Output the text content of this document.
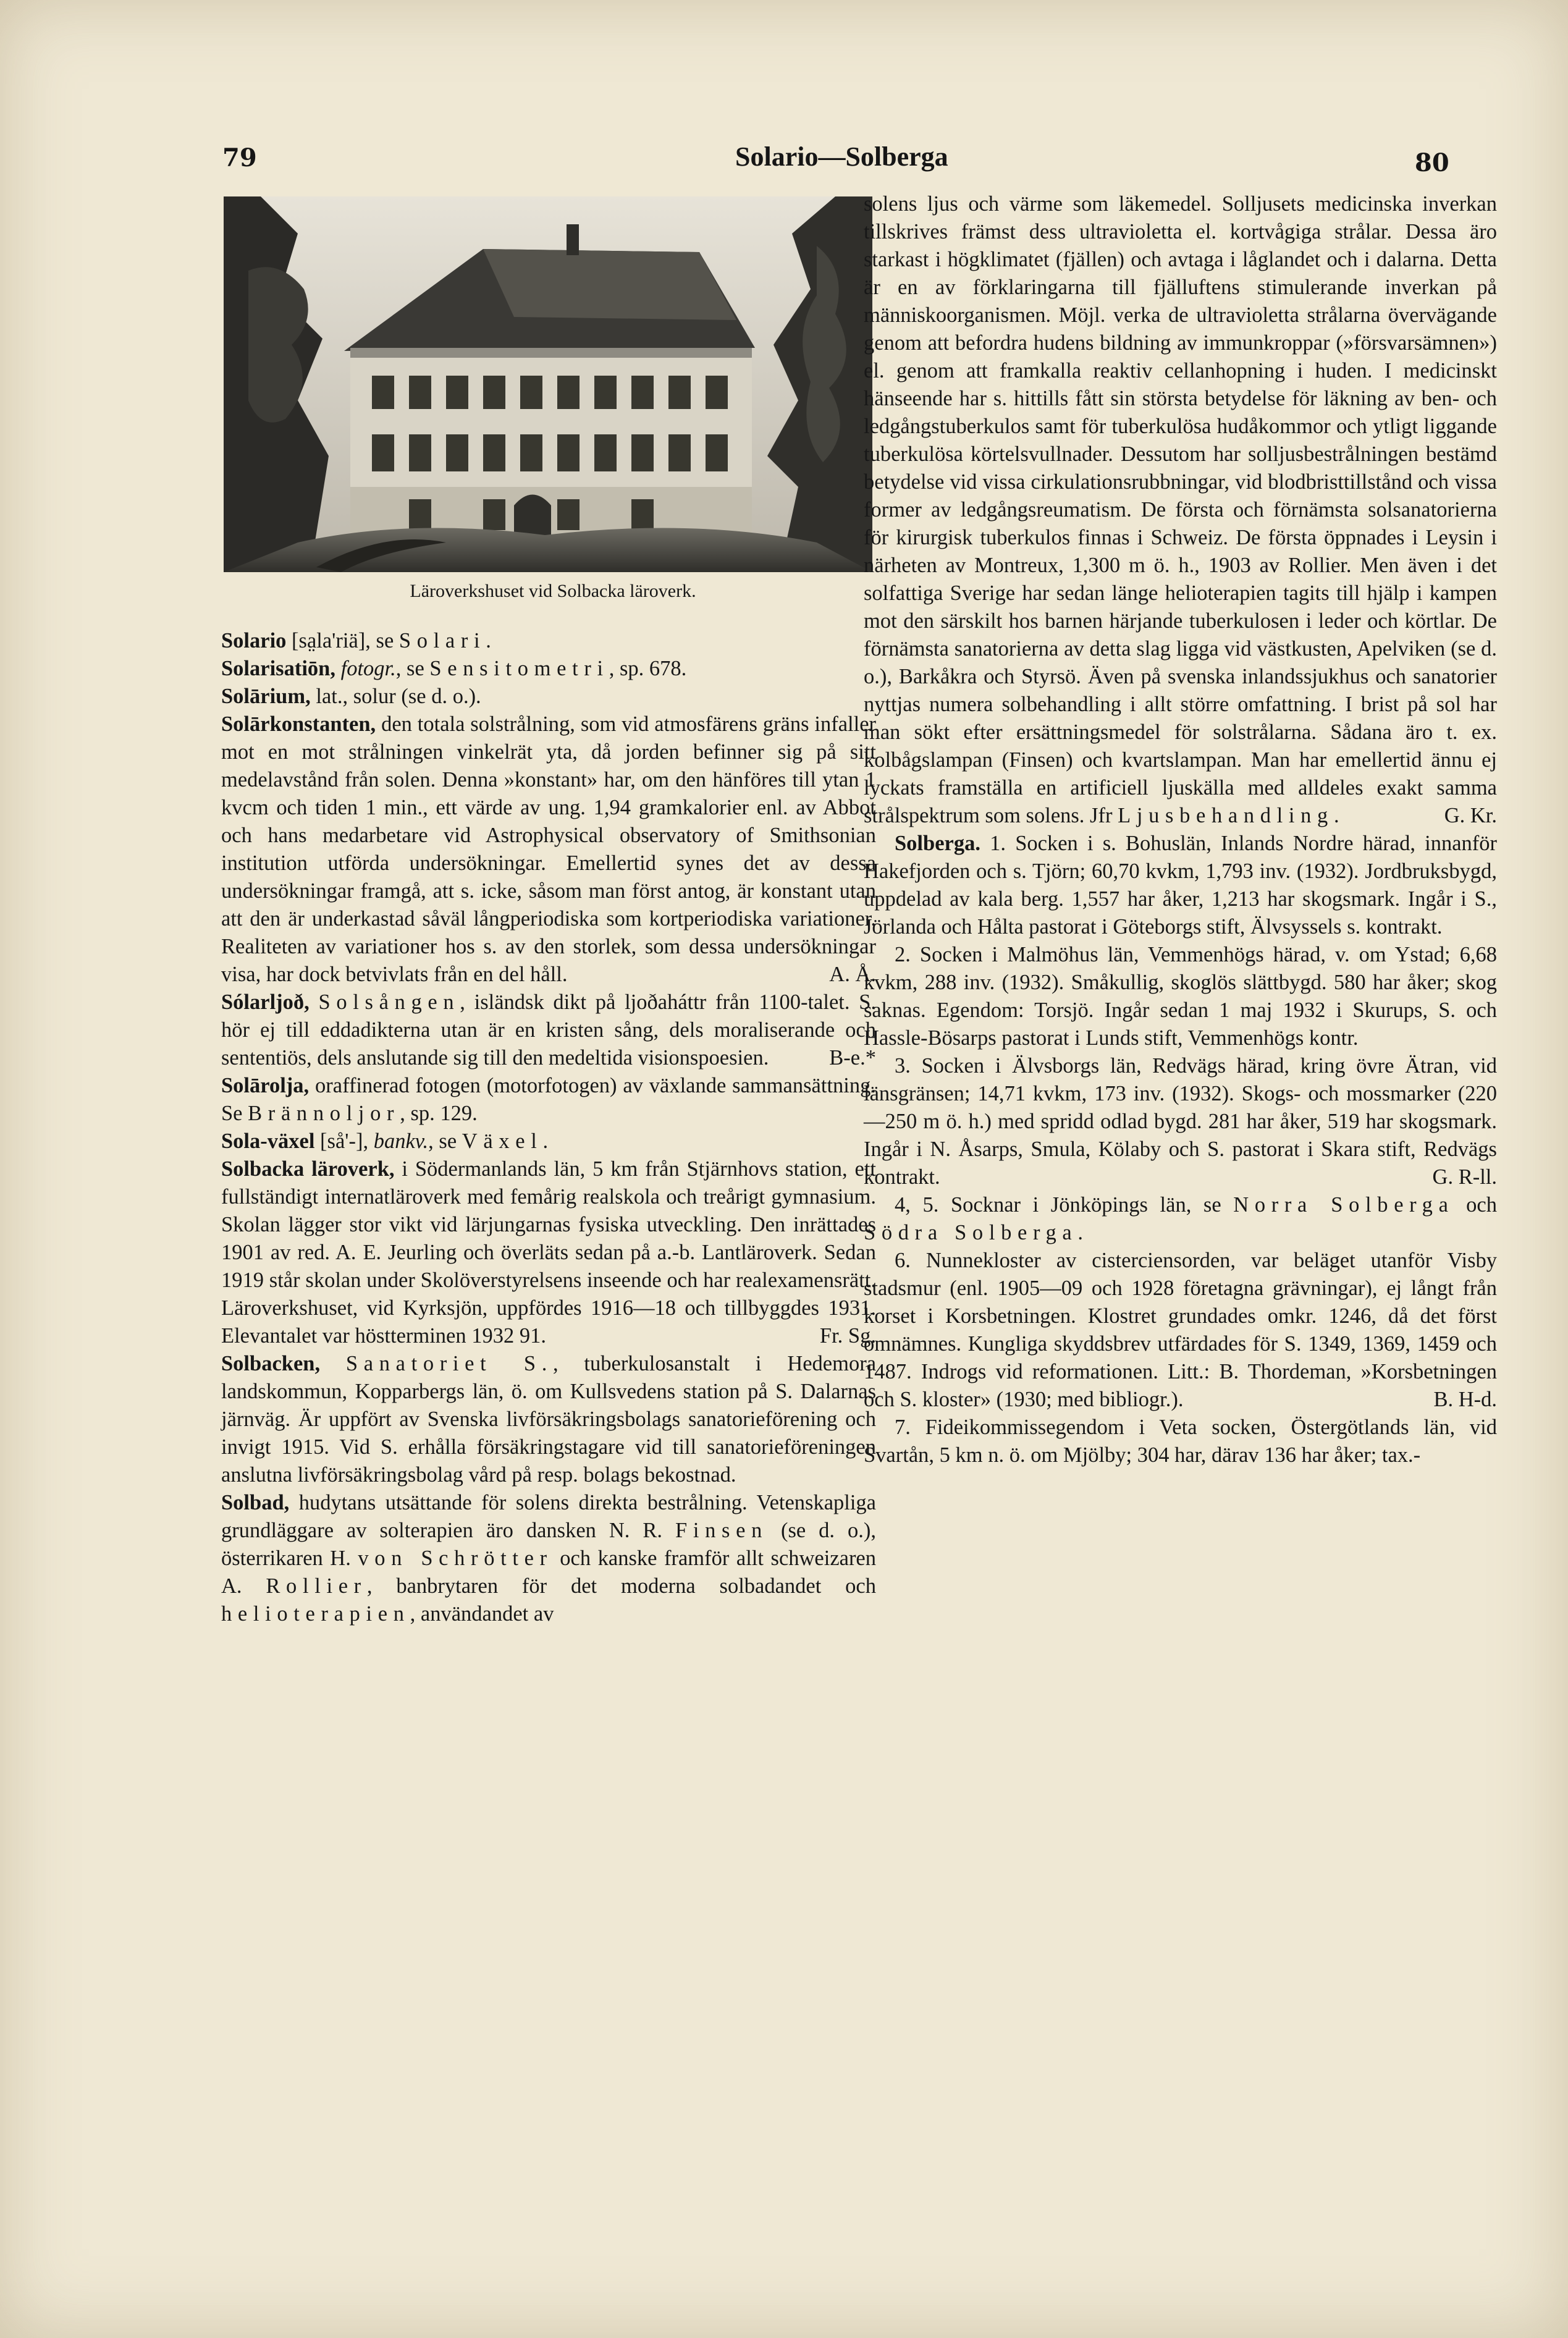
79	Solario—Solberga	80
Läroverkshuset vid Solbacka läroverk.

Solario [sa̤la'riä], se Solari.

Solarisatiōn, fotogr., se Sensitometri, sp. 678.

Solārium, lat., solur (se d. o.).

Solārkonstanten, den totala solstrålning, som vid atmosfärens gräns infaller mot en mot strålningen vinkelrät yta, då jorden befinner sig på sitt medelavstånd från solen. Denna »konstant» har, om den hänföres till ytan 1 kvcm och tiden 1 min., ett värde av ung. 1,94 gramkalorier enl. av Abbot och hans medarbetare vid Astrophysical observatory of Smithsonian institution utförda undersökningar. Emellertid synes det av dessa undersökningar framgå, att s. icke, såsom man först antog, är konstant utan att den är underkastad såväl långperiodiska som kortperiodiska variationer. Realiteten av variationer hos s. av den storlek, som dessa undersökningar visa, har dock betvivlats från en del håll.	A. Å.

Sólarljoð, Solsången, isländsk dikt på ljoðaháttr från 1100-talet. S. hör ej till eddadikterna utan är en kristen sång, dels moraliserande och sententiös, dels anslutande sig till den medeltida visionspoesien.	B-e.*

Solārolja, oraffinerad fotogen (motorfotogen) av växlande sammansättning. Se Brännoljor, sp. 129.

Sola-växel [så'-], bankv., se Växel.

Solbacka läroverk, i Södermanlands län, 5 km från Stjärnhovs station, ett fullständigt internatläroverk med femårig realskola och treårigt gymnasium. Skolan lägger stor vikt vid lärjungarnas fysiska utveckling. Den inrättades 1901 av red. A. E. Jeurling och överläts sedan på a.-b. Lantläroverk. Sedan 1919 står skolan under Skolöverstyrelsens inseende och har realexamensrätt. Läroverkshuset, vid Kyrksjön, uppfördes 1916—18 och tillbyggdes 1931. Elevantalet var höstterminen 1932 91.	Fr. Sg.

Solbacken, Sanatoriet S., tuberkulosanstalt i Hedemora landskommun, Kopparbergs län, ö. om Kullsvedens station på S. Dalarnas järnväg. Är uppfört av Svenska livförsäkringsbolags sanatorieförening och invigt 1915. Vid S. erhålla försäkringstagare vid till sanatorieföreningen anslutna livförsäkringsbolag vård på resp. bolags bekostnad.

Solbad, hudytans utsättande för solens direkta bestrålning. Vetenskapliga grundläggare av solterapien äro dansken N. R. Finsen (se d. o.), österrikaren H. von Schrötter och kanske framför allt schweizaren A. Rollier, banbrytaren för det moderna solbadandet och helioterapien, användandet av

solens ljus och värme som läkemedel. Solljusets medicinska inverkan tillskrives främst dess ultravioletta el. kortvågiga strålar. Dessa äro starkast i högklimatet (fjällen) och avtaga i låglandet och i dalarna. Detta är en av förklaringarna till fjälluftens stimulerande inverkan på människoorganismen. Möjl. verka de ultravioletta strålarna övervägande genom att befordra hudens bildning av immunkroppar (»försvarsämnen») el. genom att framkalla reaktiv cellanhopning i huden. I medicinskt hänseende har s. hittills fått sin största betydelse för läkning av ben- och ledgångstuberkulos samt för tuberkulösa hudåkommor och ytligt liggande tuberkulösa körtelsvullnader. Dessutom har solljusbestrålningen bestämd betydelse vid vissa cirkulationsrubbningar, vid blodbristtillstånd och vissa former av ledgångsreumatism. De första och förnämsta solsanatorierna för kirurgisk tuberkulos finnas i Schweiz. De första öppnades i Leysin i närheten av Montreux, 1,300 m ö. h., 1903 av Rollier. Men även i det solfattiga Sverige har sedan länge helioterapien tagits till hjälp i kampen mot den särskilt hos barnen härjande tuberkulosen i leder och körtlar. De förnämsta sanatorierna av detta slag ligga vid västkusten, Apelviken (se d. o.), Barkåkra och Styrsö. Även på svenska inlandssjukhus och sanatorier nyttjas numera solbehandling i allt större omfattning. I brist på sol har man sökt efter ersättningsmedel för solstrålarna. Sådana äro t. ex. kolbågslampan (Finsen) och kvartslampan. Man har emellertid ännu ej lyckats framställa en artificiell ljuskälla med alldeles exakt samma strålspektrum som solens. Jfr Ljusbehandling.	G. Kr.

Solberga. 1. Socken i s. Bohuslän, Inlands Nordre härad, innanför Hakefjorden och s. Tjörn; 60,70 kvkm, 1,793 inv. (1932). Jordbruksbygd, uppdelad av kala berg. 1,557 har åker, 1,213 har skogsmark. Ingår i S., Jörlanda och Hålta pastorat i Göteborgs stift, Älvsyssels s. kontrakt.

2. Socken i Malmöhus län, Vemmenhögs härad, v. om Ystad; 6,68 kvkm, 288 inv. (1932). Småkullig, skoglös slättbygd. 580 har åker; skog saknas. Egendom: Torsjö. Ingår sedan 1 maj 1932 i Skurups, S. och Hassle-Bösarps pastorat i Lunds stift, Vemmenhögs kontr.

3. Socken i Älvsborgs län, Redvägs härad, kring övre Ätran, vid länsgränsen; 14,71 kvkm, 173 inv. (1932). Skogs- och mossmarker (220—250 m ö. h.) med spridd odlad bygd. 281 har åker, 519 har skogsmark. Ingår i N. Åsarps, Smula, Kölaby och S. pastorat i Skara stift, Redvägs kontrakt.	G. R-ll.

4, 5. Socknar i Jönköpings län, se Norra Solberga och Södra Solberga.

6. Nunnekloster av cisterciensorden, var beläget utanför Visby stadsmur (enl. 1905—09 och 1928 företagna grävningar), ej långt från korset i Korsbetningen. Klostret grundades omkr. 1246, då det först omnämnes. Kungliga skyddsbrev utfärdades för S. 1349, 1369, 1459 och 1487. Indrogs vid reformationen. Litt.: B. Thordeman, »Korsbetningen och S. kloster» (1930; med bibliogr.).	B. H-d.

7. Fideikommissegendom i Veta socken, Östergötlands län, vid Svartån, 5 km n. ö. om Mjölby; 304 har, därav 136 har åker; tax.-
